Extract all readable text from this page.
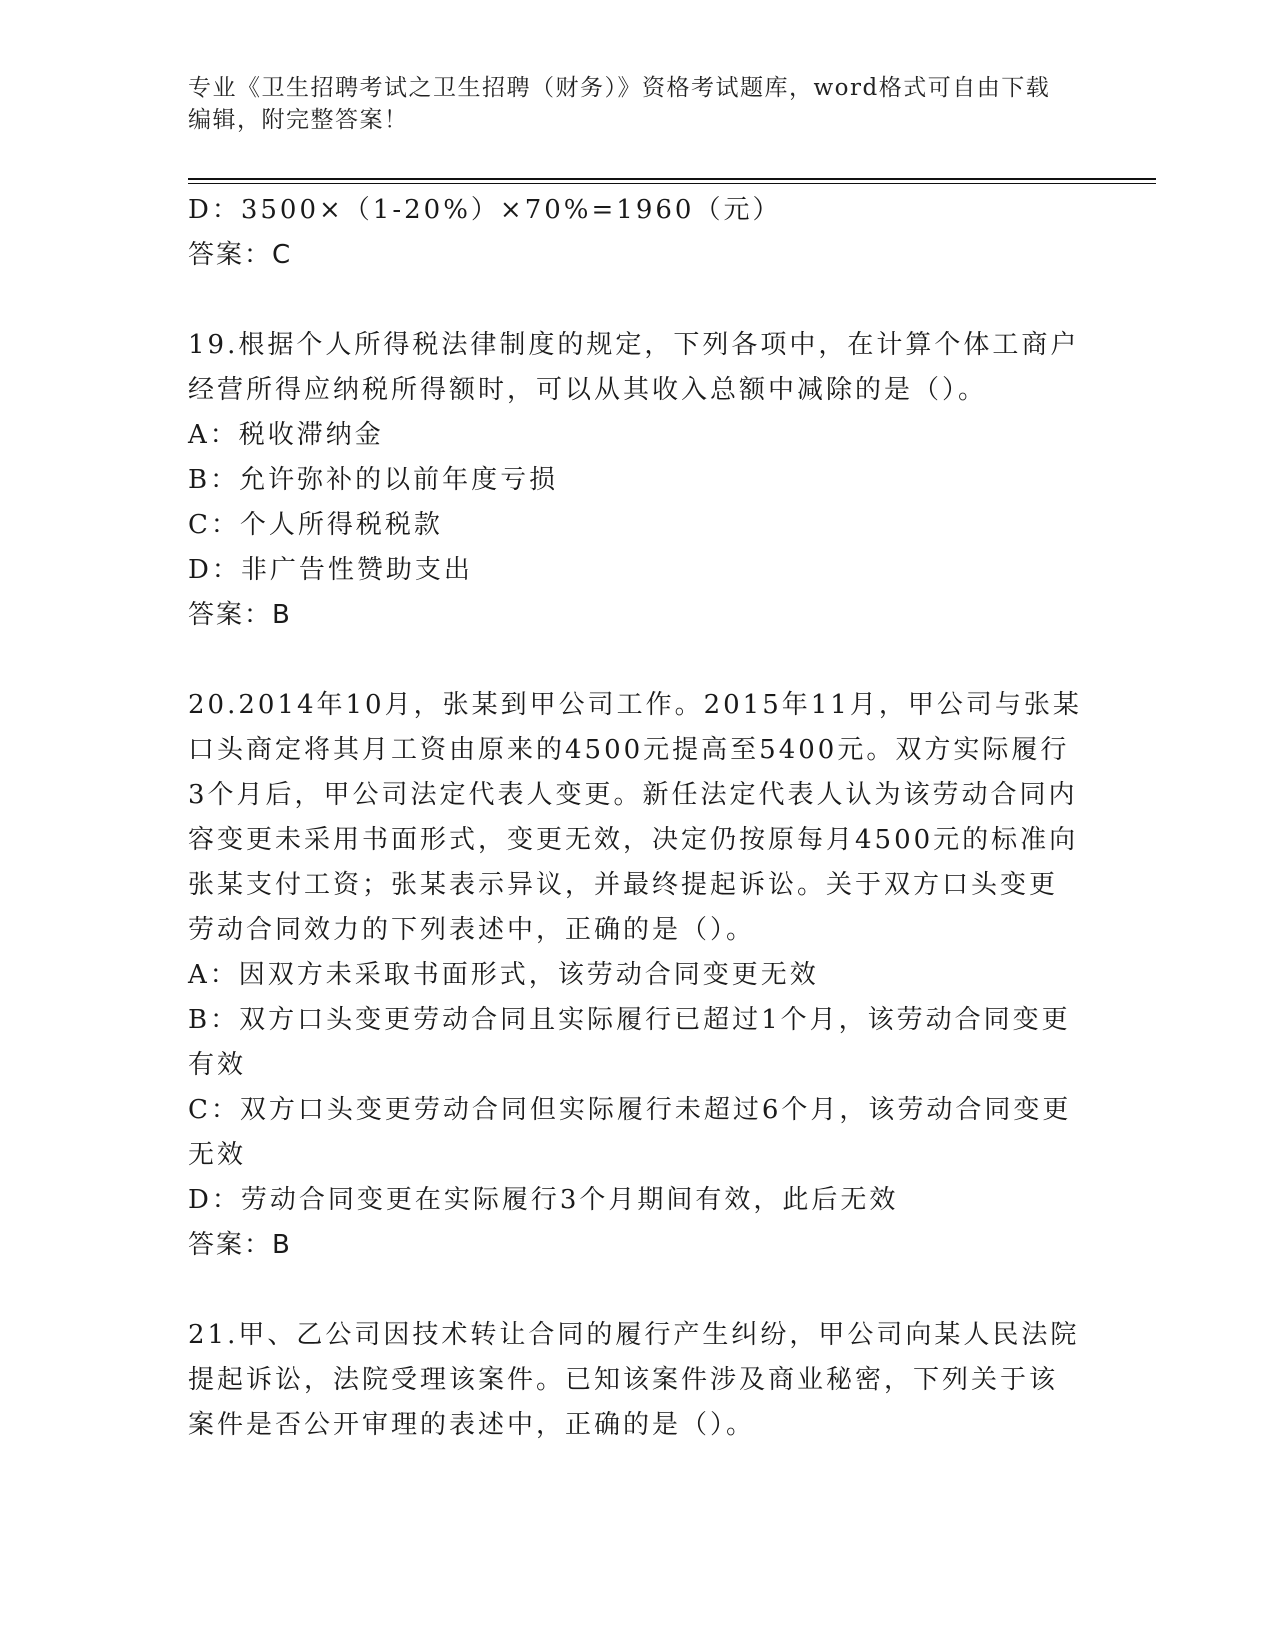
专业《卫生招聘考试之卫生招聘（财务）》资格考试题库，word格式可自由下载
编辑，附完整答案！
D：3500×（1-20%）×70%=1960（元）
答案：C
19.根据个人所得税法律制度的规定，下列各项中，在计算个体工商户
经营所得应纳税所得额时，可以从其收入总额中减除的是（）。
A：税收滞纳金
B：允许弥补的以前年度亏损
C：个人所得税税款
D：非广告性赞助支出
答案：B
20.2014年10月，张某到甲公司工作。2015年11月，甲公司与张某
口头商定将其月工资由原来的4500元提高至5400元。双方实际履行
3个月后，甲公司法定代表人变更。新任法定代表人认为该劳动合同内
容变更未采用书面形式，变更无效，决定仍按原每月4500元的标准向
张某支付工资；张某表示异议，并最终提起诉讼。关于双方口头变更
劳动合同效力的下列表述中，正确的是（）。
A：因双方未采取书面形式，该劳动合同变更无效
B：双方口头变更劳动合同且实际履行已超过1个月，该劳动合同变更
有效
C：双方口头变更劳动合同但实际履行未超过6个月，该劳动合同变更
无效
D：劳动合同变更在实际履行3个月期间有效，此后无效
答案：B
21.甲、乙公司因技术转让合同的履行产生纠纷，甲公司向某人民法院
提起诉讼，法院受理该案件。已知该案件涉及商业秘密，下列关于该
案件是否公开审理的表述中，正确的是（）。
